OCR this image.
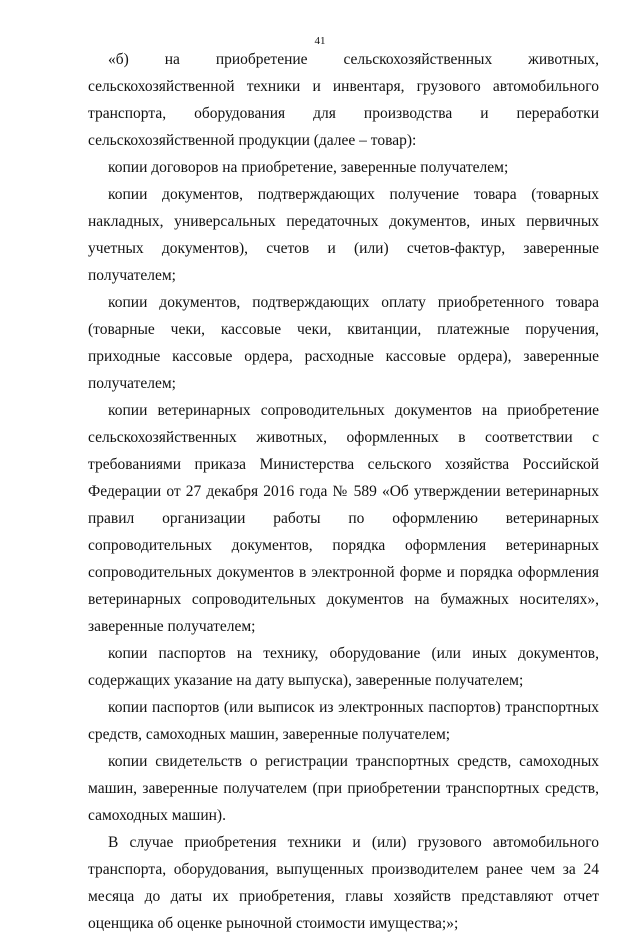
41

«б) на приобретение сельскохозяйственных животных, сельскохозяйственной техники и инвентаря, грузового автомобильного транспорта, оборудования для производства и переработки сельскохозяйственной продукции (далее – товар):

копии договоров на приобретение, заверенные получателем;

копии документов, подтверждающих получение товара (товарных накладных, универсальных передаточных документов, иных первичных учетных документов), счетов и (или) счетов-фактур, заверенные получателем;

копии документов, подтверждающих оплату приобретенного товара (товарные чеки, кассовые чеки, квитанции, платежные поручения, приходные кассовые ордера, расходные кассовые ордера), заверенные получателем;

копии ветеринарных сопроводительных документов на приобретение сельскохозяйственных животных, оформленных в соответствии с требованиями приказа Министерства сельского хозяйства Российской Федерации от 27 декабря 2016 года № 589 «Об утверждении ветеринарных правил организации работы по оформлению ветеринарных сопроводительных документов, порядка оформления ветеринарных сопроводительных документов в электронной форме и порядка оформления ветеринарных сопроводительных документов на бумажных носителях», заверенные получателем;

копии паспортов на технику, оборудование (или иных документов, содержащих указание на дату выпуска), заверенные получателем;

копии паспортов (или выписок из электронных паспортов) транспортных средств, самоходных машин, заверенные получателем;

копии свидетельств о регистрации транспортных средств, самоходных машин, заверенные получателем (при приобретении транспортных средств, самоходных машин).

В случае приобретения техники и (или) грузового автомобильного транспорта, оборудования, выпущенных производителем ранее чем за 24 месяца до даты их приобретения, главы хозяйств представляют отчет оценщика об оценке рыночной стоимости имущества;»;
